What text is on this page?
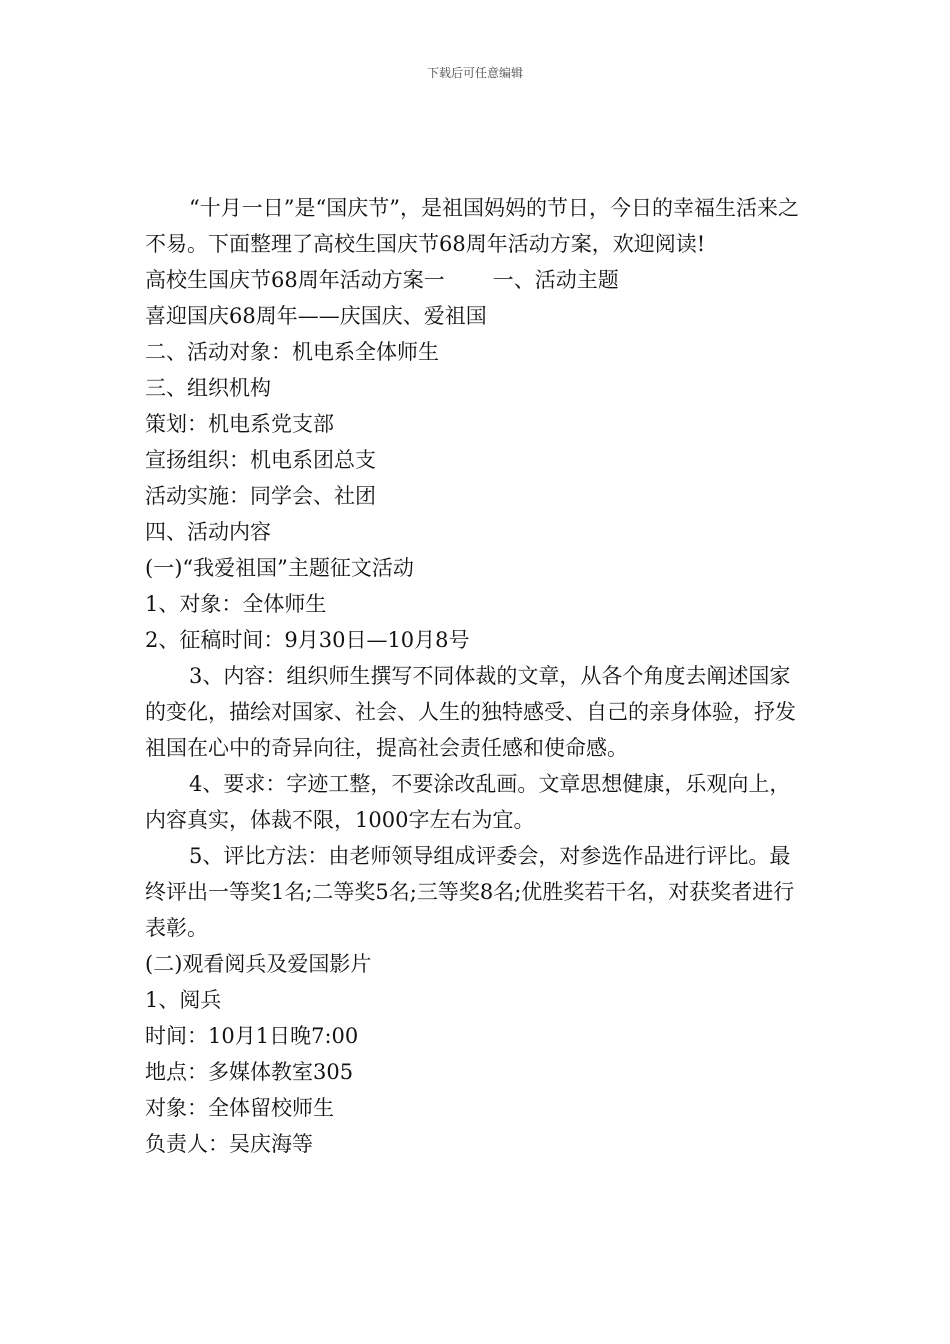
下载后可任意编辑

“十月一日”是“国庆节”，是祖国妈妈的节日，今日的幸福生活来之不易。下面整理了高校生国庆节68周年活动方案，欢迎阅读!

高校生国庆节68周年活动方案一 一、活动主题

喜迎国庆68周年——庆国庆、爱祖国

二、活动对象：机电系全体师生

三、组织机构

策划：机电系党支部

宣扬组织：机电系团总支

活动实施：同学会、社团

四、活动内容

(一)“我爱祖国”主题征文活动

1、对象：全体师生

2、征稿时间：9月30日—10月8号

3、内容：组织师生撰写不同体裁的文章，从各个角度去阐述国家的变化，描绘对国家、社会、人生的独特感受、自己的亲身体验，抒发祖国在心中的奇异向往，提高社会责任感和使命感。

4、要求：字迹工整，不要涂改乱画。文章思想健康，乐观向上，内容真实，体裁不限，1000字左右为宜。

5、评比方法：由老师领导组成评委会，对参选作品进行评比。最终评出一等奖1名;二等奖5名;三等奖8名;优胜奖若干名，对获奖者进行表彰。

(二)观看阅兵及爱国影片

1、阅兵

时间：10月1日晚7:00

地点：多媒体教室305

对象：全体留校师生

负责人：吴庆海等
